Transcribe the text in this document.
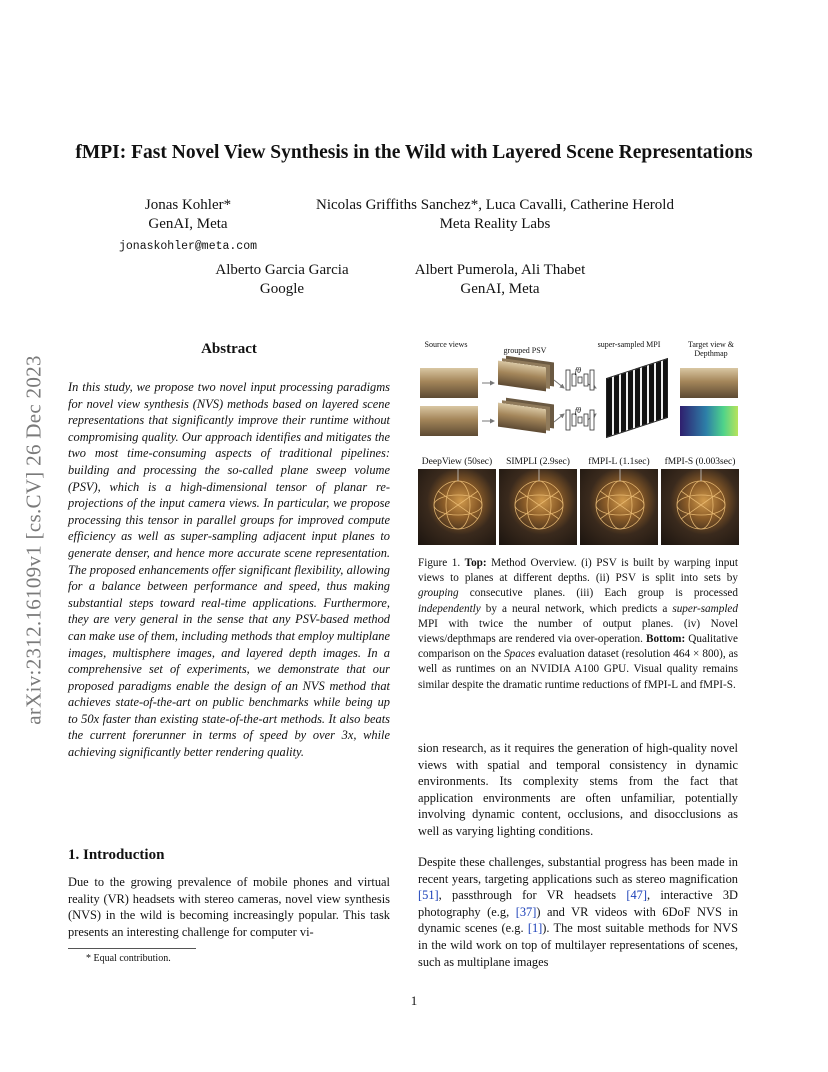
arXiv:2312.16109v1 [cs.CV] 26 Dec 2023
fMPI: Fast Novel View Synthesis in the Wild with Layered Scene Representations
Jonas Kohler*
GenAI, Meta
jonaskohler@meta.com
Nicolas Griffiths Sanchez*, Luca Cavalli, Catherine Herold
Meta Reality Labs
Alberto Garcia Garcia
Google
Albert Pumerola, Ali Thabet
GenAI, Meta
Abstract
In this study, we propose two novel input processing paradigms for novel view synthesis (NVS) methods based on layered scene representations that significantly improve their runtime without compromising quality. Our approach identifies and mitigates the two most time-consuming aspects of traditional pipelines: building and processing the so-called plane sweep volume (PSV), which is a high-dimensional tensor of planar re-projections of the input camera views. In particular, we propose processing this tensor in parallel groups for improved compute efficiency as well as super-sampling adjacent input planes to generate denser, and hence more accurate scene representation. The proposed enhancements offer significant flexibility, allowing for a balance between performance and speed, thus making substantial steps toward real-time applications. Furthermore, they are very general in the sense that any PSV-based method can make use of them, including methods that employ multiplane images, multisphere images, and layered depth images. In a comprehensive set of experiments, we demonstrate that our proposed paradigms enable the design of an NVS method that achieves state-of-the-art on public benchmarks while being up to 50x faster than existing state-of-the-art methods. It also beats the current forerunner in terms of speed by over 3x, while achieving significantly better rendering quality.
1. Introduction
Due to the growing prevalence of mobile phones and virtual reality (VR) headsets with stereo cameras, novel view synthesis (NVS) in the wild is becoming increasingly popular. This task presents an interesting challenge for computer vi-
* Equal contribution.
1
Source views
grouped PSV
super-sampled MPI	Target view & Depthmap
fθ
fθ
DeepView (50sec)	SIMPLI (2.9sec)	fMPI-L (1.1sec)	fMPI-S (0.003sec)
Figure 1. Top: Method Overview. (i) PSV is built by warping input views to planes at different depths. (ii) PSV is split into sets by grouping consecutive planes. (iii) Each group is processed independently by a neural network, which predicts a super-sampled MPI with twice the number of output planes. (iv) Novel views/depthmaps are rendered via over-operation. Bottom: Qualitative comparison on the Spaces evaluation dataset (resolution 464 × 800), as well as runtimes on an NVIDIA A100 GPU. Visual quality remains similar despite the dramatic runtime reductions of fMPI-L and fMPI-S.
sion research, as it requires the generation of high-quality novel views with spatial and temporal consistency in dynamic environments. Its complexity stems from the fact that application environments are often unfamiliar, potentially involving dynamic content, occlusions, and disocclusions as well as varying lighting conditions.
Despite these challenges, substantial progress has been made in recent years, targeting applications such as stereo magnification [51], passthrough for VR headsets [47], interactive 3D photography (e.g, [37]) and VR videos with 6DoF NVS in dynamic scenes (e.g. [1]). The most suitable methods for NVS in the wild work on top of multilayer representations of scenes, such as multiplane images
